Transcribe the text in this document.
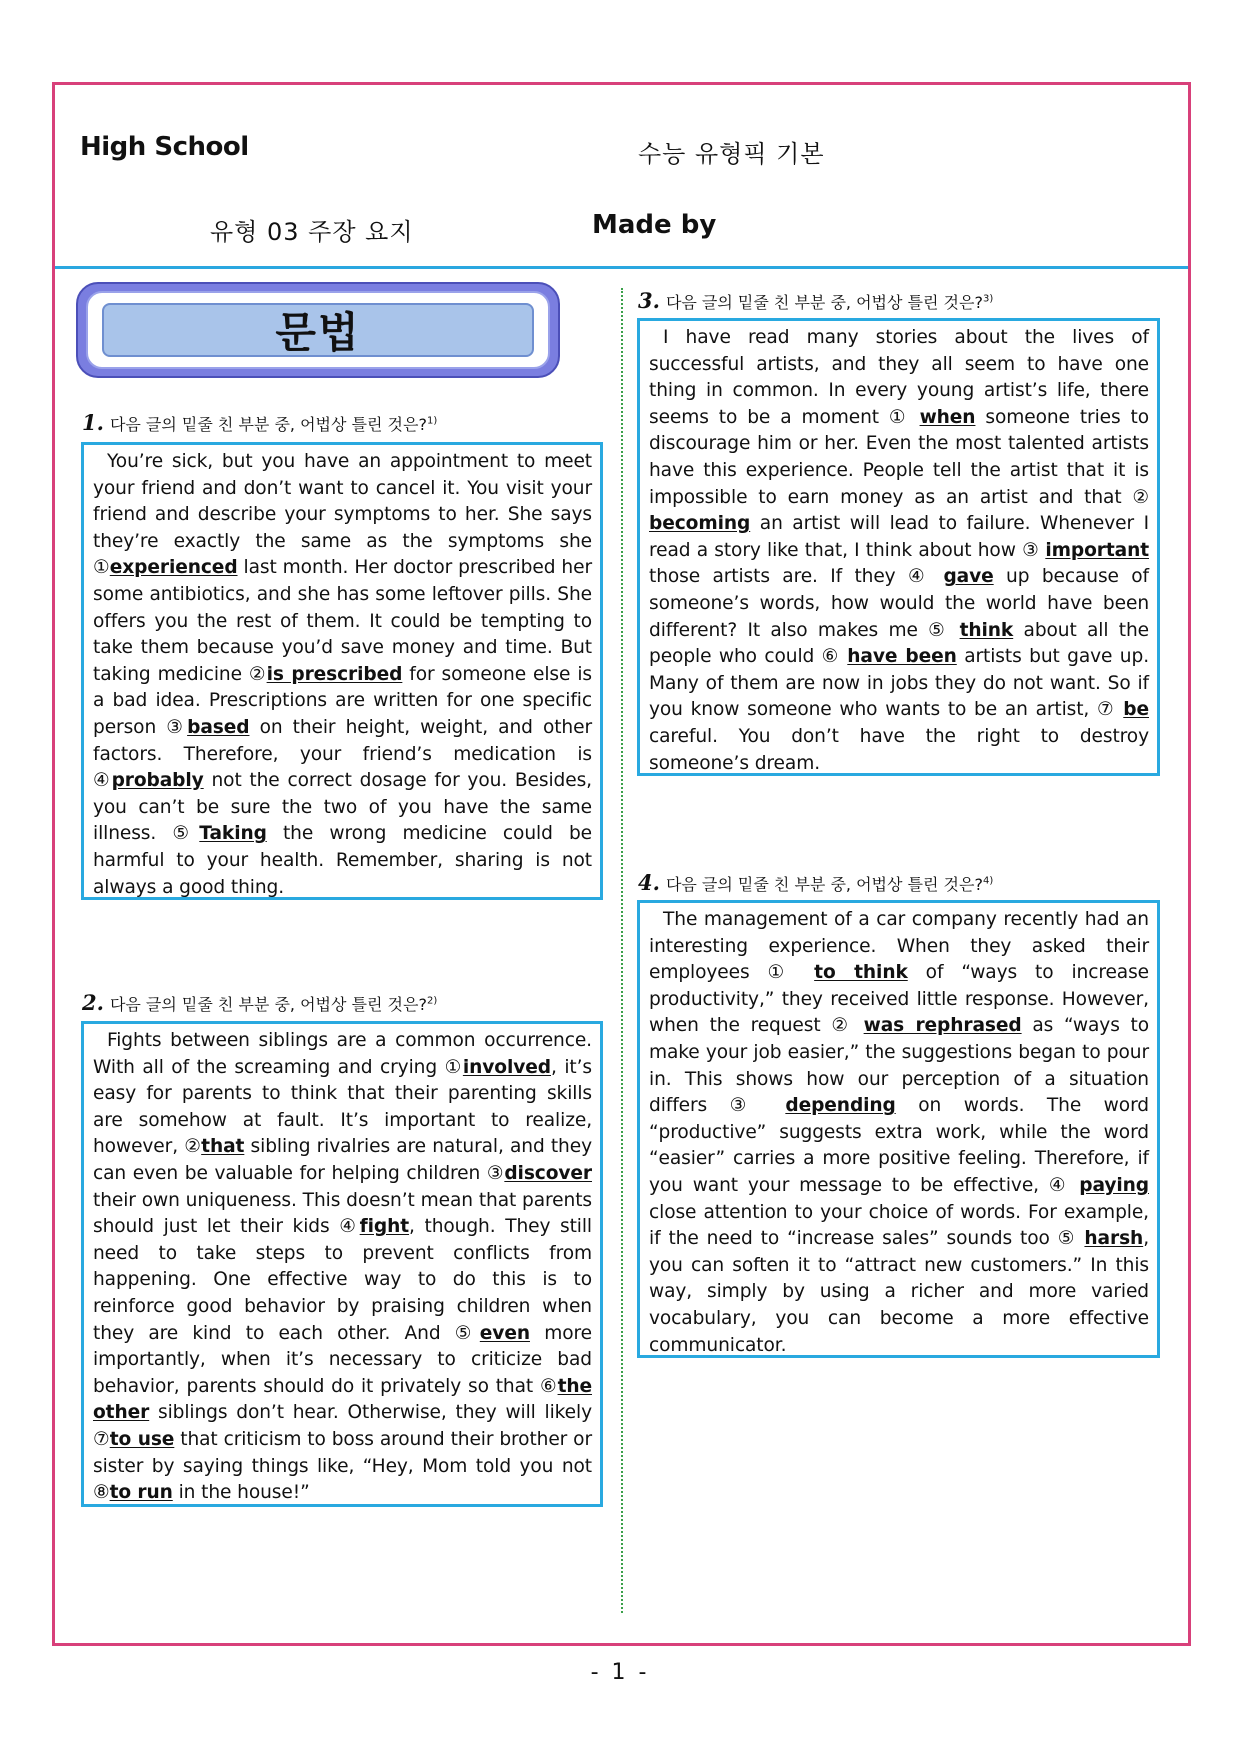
High School	수능 유형픽 기본
유형 03 주장 요지	Made by
문법
1. 다음 글의 밑줄 친 부분 중, 어법상 틀린 것은?$^{1)}$

You’re sick, but you have an appointment to meet your friend and don’t want to cancel it. You visit your friend and describe your symptoms to her. She says they’re exactly the same as the symptoms she ①experienced last month. Her doctor prescribed her some antibiotics, and she has some leftover pills. She offers you the rest of them. It could be tempting to take them because you’d save money and time. But taking medicine ②is prescribed for someone else is a bad idea. Prescriptions are written for one specific person ③based on their height, weight, and other factors. Therefore, your friend’s medication is ④probably not the correct dosage for you. Besides, you can’t be sure the two of you have the same illness. ⑤Taking the wrong medicine could be harmful to your health. Remember, sharing is not always a good thing.

2. 다음 글의 밑줄 친 부분 중, 어법상 틀린 것은?$^{2)}$

Fights between siblings are a common occurrence. With all of the screaming and crying ①involved, it’s easy for parents to think that their parenting skills are somehow at fault. It’s important to realize, however, ②that sibling rivalries are natural, and they can even be valuable for helping children ③discover their own uniqueness. This doesn’t mean that parents should just let their kids ④fight, though. They still need to take steps to prevent conflicts from happening. One effective way to do this is to reinforce good behavior by praising children when they are kind to each other. And ⑤even more importantly, when it’s necessary to criticize bad behavior, parents should do it privately so that ⑥the other siblings don’t hear. Otherwise, they will likely ⑦to use that criticism to boss around their brother or sister by saying things like, “Hey, Mom told you not ⑧to run in the house!”

3. 다음 글의 밑줄 친 부분 중, 어법상 틀린 것은?$^{3)}$

I have read many stories about the lives of successful artists, and they all seem to have one thing in common. In every young artist’s life, there seems to be a moment ① when someone tries to discourage him or her. Even the most talented artists have this experience. People tell the artist that it is impossible to earn money as an artist and that ② becoming an artist will lead to failure. Whenever I read a story like that, I think about how ③ important those artists are. If they ④ gave up because of someone’s words, how would the world have been different? It also makes me ⑤ think about all the people who could ⑥ have been artists but gave up. Many of them are now in jobs they do not want. So if you know someone who wants to be an artist, ⑦ be careful. You don’t have the right to destroy someone’s dream.

4. 다음 글의 밑줄 친 부분 중, 어법상 틀린 것은?$^{4)}$

The management of a car company recently had an interesting experience. When they asked their employees ① to think of “ways to increase productivity,” they received little response. However, when the request ② was rephrased as “ways to make your job easier,” the suggestions began to pour in. This shows how our perception of a situation differs ③ depending on words. The word “productive” suggests extra work, while the word “easier” carries a more positive feeling. Therefore, if you want your message to be effective, ④ paying close attention to your choice of words. For example, if the need to “increase sales” sounds too ⑤ harsh, you can soften it to “attract new customers.” In this way, simply by using a richer and more varied vocabulary, you can become a more effective communicator.

- 1 -
